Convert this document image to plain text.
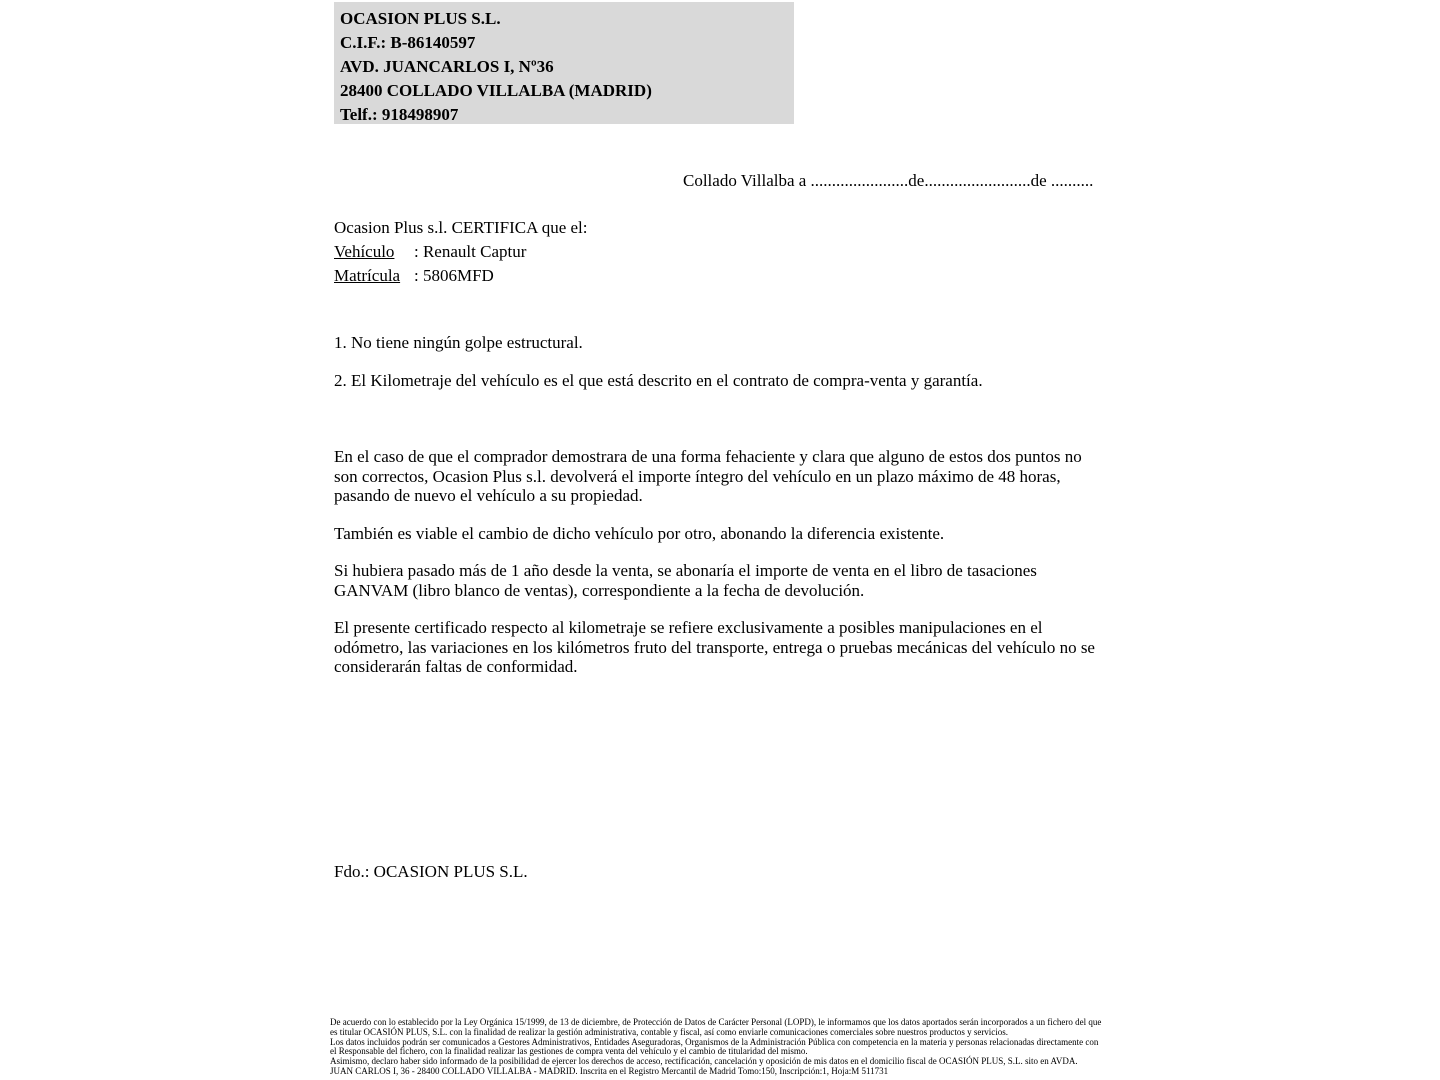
OCASION PLUS S.L.
C.I.F.: B-86140597
AVD. JUANCARLOS I, Nº36
28400 COLLADO VILLALBA (MADRID)
Telf.: 918498907
Collado Villalba a .......................de.........................de ..........

Ocasion Plus s.l. CERTIFICA que el:

Vehículo : Renault Captur

Matrícula : 5806MFD

1. No tiene ningún golpe estructural.

2. El Kilometraje del vehículo es el que está descrito en el contrato de compra-venta y garantía.

En el caso de que el comprador demostrara de una forma fehaciente y clara que alguno de estos dos puntos no son correctos, Ocasion Plus s.l. devolverá el importe íntegro del vehículo en un plazo máximo de 48 horas, pasando de nuevo el vehículo a su propiedad.

También es viable el cambio de dicho vehículo por otro, abonando la diferencia existente.

Si hubiera pasado más de 1 año desde la venta, se abonaría el importe de venta en el libro de tasaciones GANVAM (libro blanco de ventas), correspondiente a la fecha de devolución.

El presente certificado respecto al kilometraje se refiere exclusivamente a posibles manipulaciones en el odómetro, las variaciones en los kilómetros fruto del transporte, entrega o pruebas mecánicas del vehículo no se considerarán faltas de conformidad.

Fdo.: OCASION PLUS S.L.

De acuerdo con lo establecido por la Ley Orgánica 15/1999, de 13 de diciembre, de Protección de Datos de Carácter Personal (LOPD), le informamos que los datos aportados serán incorporados a un fichero del que es titular OCASIÓN PLUS, S.L. con la finalidad de realizar la gestión administrativa, contable y fiscal, así como enviarle comunicaciones comerciales sobre nuestros productos y servicios.

Los datos incluidos podrán ser comunicados a Gestores Administrativos, Entidades Aseguradoras, Organismos de la Administración Pública con competencia en la materia y personas relacionadas directamente con el Responsable del fichero, con la finalidad realizar las gestiones de compra venta del vehículo y el cambio de titularidad del mismo.

Asimismo, declaro haber sido informado de la posibilidad de ejercer los derechos de acceso, rectificación, cancelación y oposición de mis datos en el domicilio fiscal de OCASIÓN PLUS, S.L. sito en AVDA. JUAN CARLOS I, 36 - 28400 COLLADO VILLALBA - MADRID. Inscrita en el Registro Mercantil de Madrid Tomo:150, Inscripción:1, Hoja:M 511731
